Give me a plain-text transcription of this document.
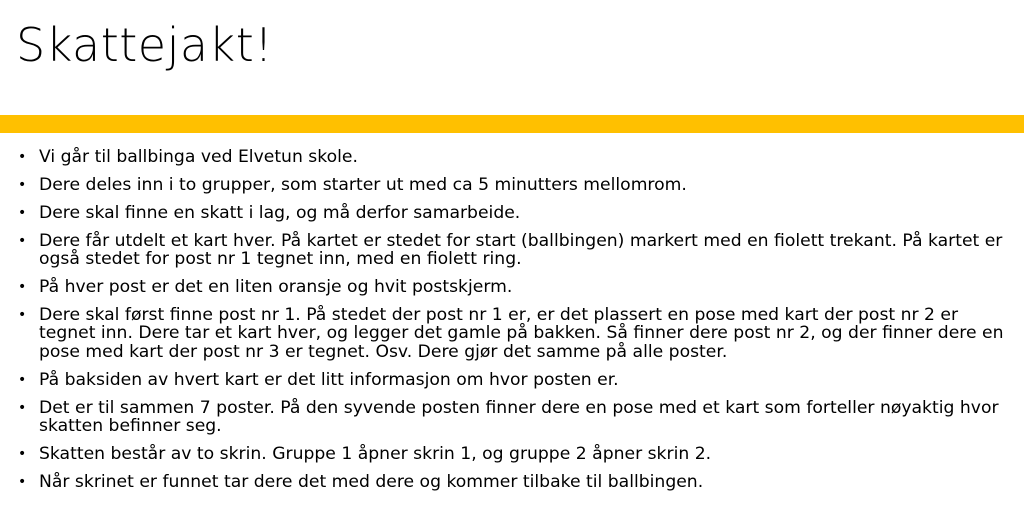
Skattejakt!
• Vi går til ballbinga ved Elvetun skole.
• Dere deles inn i to grupper, som starter ut med ca 5 minutters mellomrom.
• Dere skal finne en skatt i lag, og må derfor samarbeide.
• Dere får utdelt et kart hver. På kartet er stedet for start (ballbingen) markert med en fiolett trekant. På kartet er også stedet for post nr 1 tegnet inn, med en fiolett ring.
• På hver post er det en liten oransje og hvit postskjerm.
• Dere skal først finne post nr 1. På stedet der post nr 1 er, er det plassert en pose med kart der post nr 2 er tegnet inn. Dere tar et kart hver, og legger det gamle på bakken. Så finner dere post nr 2, og der finner dere en pose med kart der post nr 3 er tegnet. Osv. Dere gjør det samme på alle poster.
• På baksiden av hvert kart er det litt informasjon om hvor posten er.
• Det er til sammen 7 poster. På den syvende posten finner dere en pose med et kart som forteller nøyaktig hvor skatten befinner seg.
• Skatten består av to skrin. Gruppe 1 åpner skrin 1, og gruppe 2 åpner skrin 2.
• Når skrinet er funnet tar dere det med dere og kommer tilbake til ballbingen.
